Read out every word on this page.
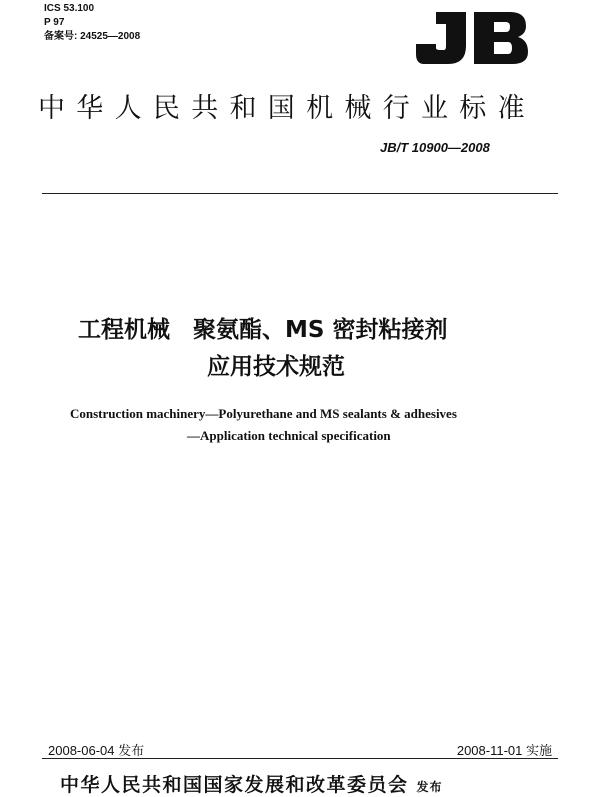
ICS 53.100
P 97
备案号: 24525—2008
中华人民共和国机械行业标准
JB/T 10900—2008
工程机械　聚氨酯、MS 密封粘接剂
应用技术规范
Construction machinery—Polyurethane and MS sealants & adhesives
—Application technical specification
2008-06-04 发布	2008-11-01 实施
中华人民共和国国家发展和改革委员会 发布
